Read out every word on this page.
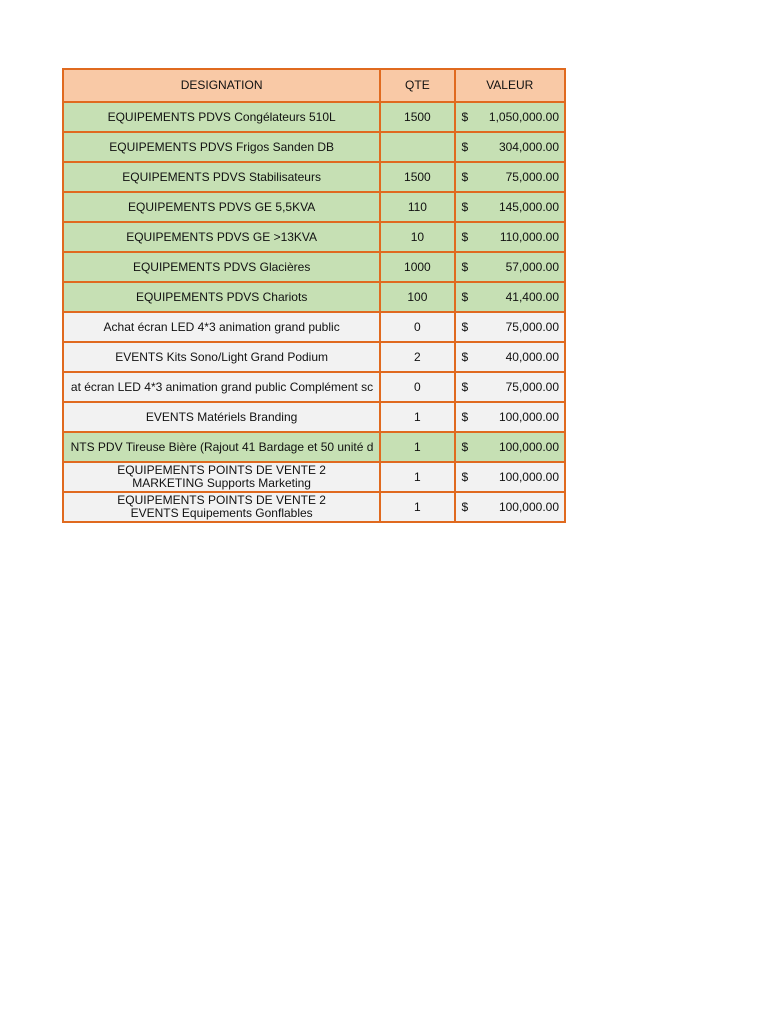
DESIGNATION	QTE	VALEUR

EQUIPEMENTS PDVS Congélateurs 510L	1500	$ 1,050,000.00

EQUIPEMENTS PDVS Frigos Sanden DB		$ 304,000.00

EQUIPEMENTS PDVS Stabilisateurs	1500	$ 75,000.00

EQUIPEMENTS PDVS GE 5,5KVA	110	$ 145,000.00

EQUIPEMENTS PDVS GE >13KVA	10	$ 110,000.00

EQUIPEMENTS PDVS Glacières	1000	$ 57,000.00

EQUIPEMENTS PDVS Chariots	100	$ 41,400.00

Achat écran LED 4*3 animation grand public	0	$ 75,000.00

EVENTS Kits Sono/Light Grand Podium	2	$ 40,000.00

at écran LED 4*3 animation grand public Complément sc	0	$ 75,000.00

EVENTS Matériels Branding	1	$ 100,000.00

NTS PDV Tireuse Bière (Rajout 41 Bardage et 50 unité d	1	$ 100,000.00

EQUIPEMENTS POINTS DE VENTE 2
MARKETING Supports Marketing	1	$ 100,000.00

EQUIPEMENTS POINTS DE VENTE 2
EVENTS Equipements Gonflables	1	$ 100,000.00
